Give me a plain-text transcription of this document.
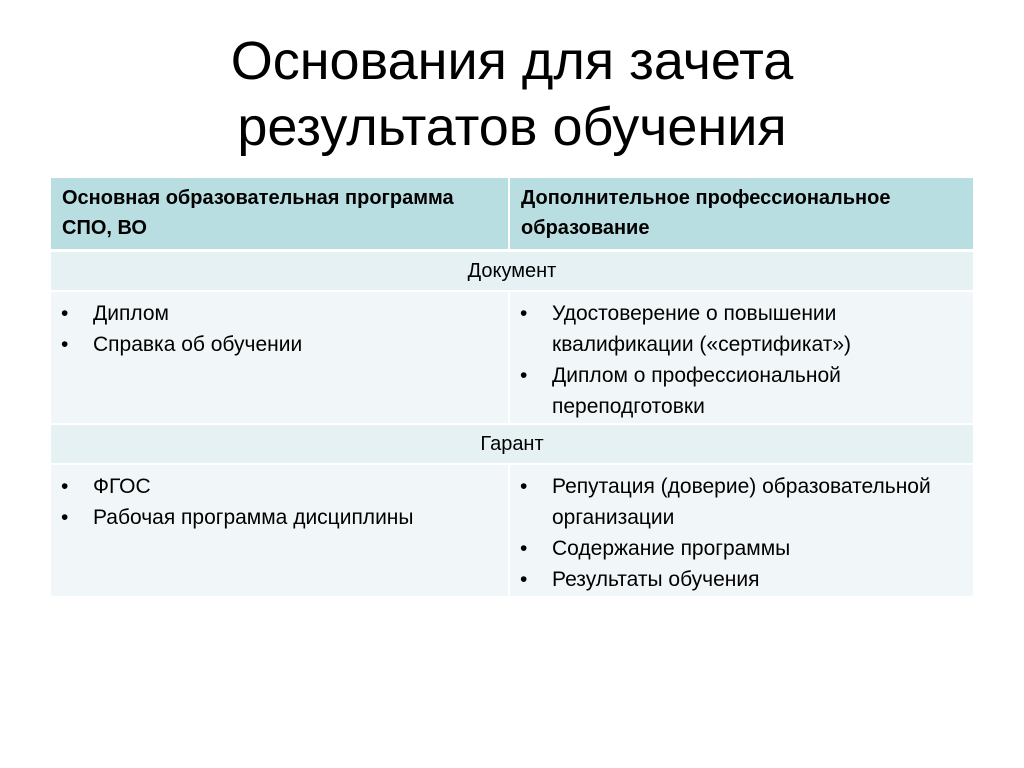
Основания для зачета
результатов обучения
Основная образовательная программа СПО, ВО
Дополнительное профессиональное образование
Документ
• Диплом
• Справка об обучении
• Удостоверение о повышении квалификации («сертификат»)
• Диплом о профессиональной переподготовки
Гарант
• ФГОС
• Рабочая программа дисциплины
• Репутация (доверие) образовательной организации
• Содержание программы
• Результаты обучения
